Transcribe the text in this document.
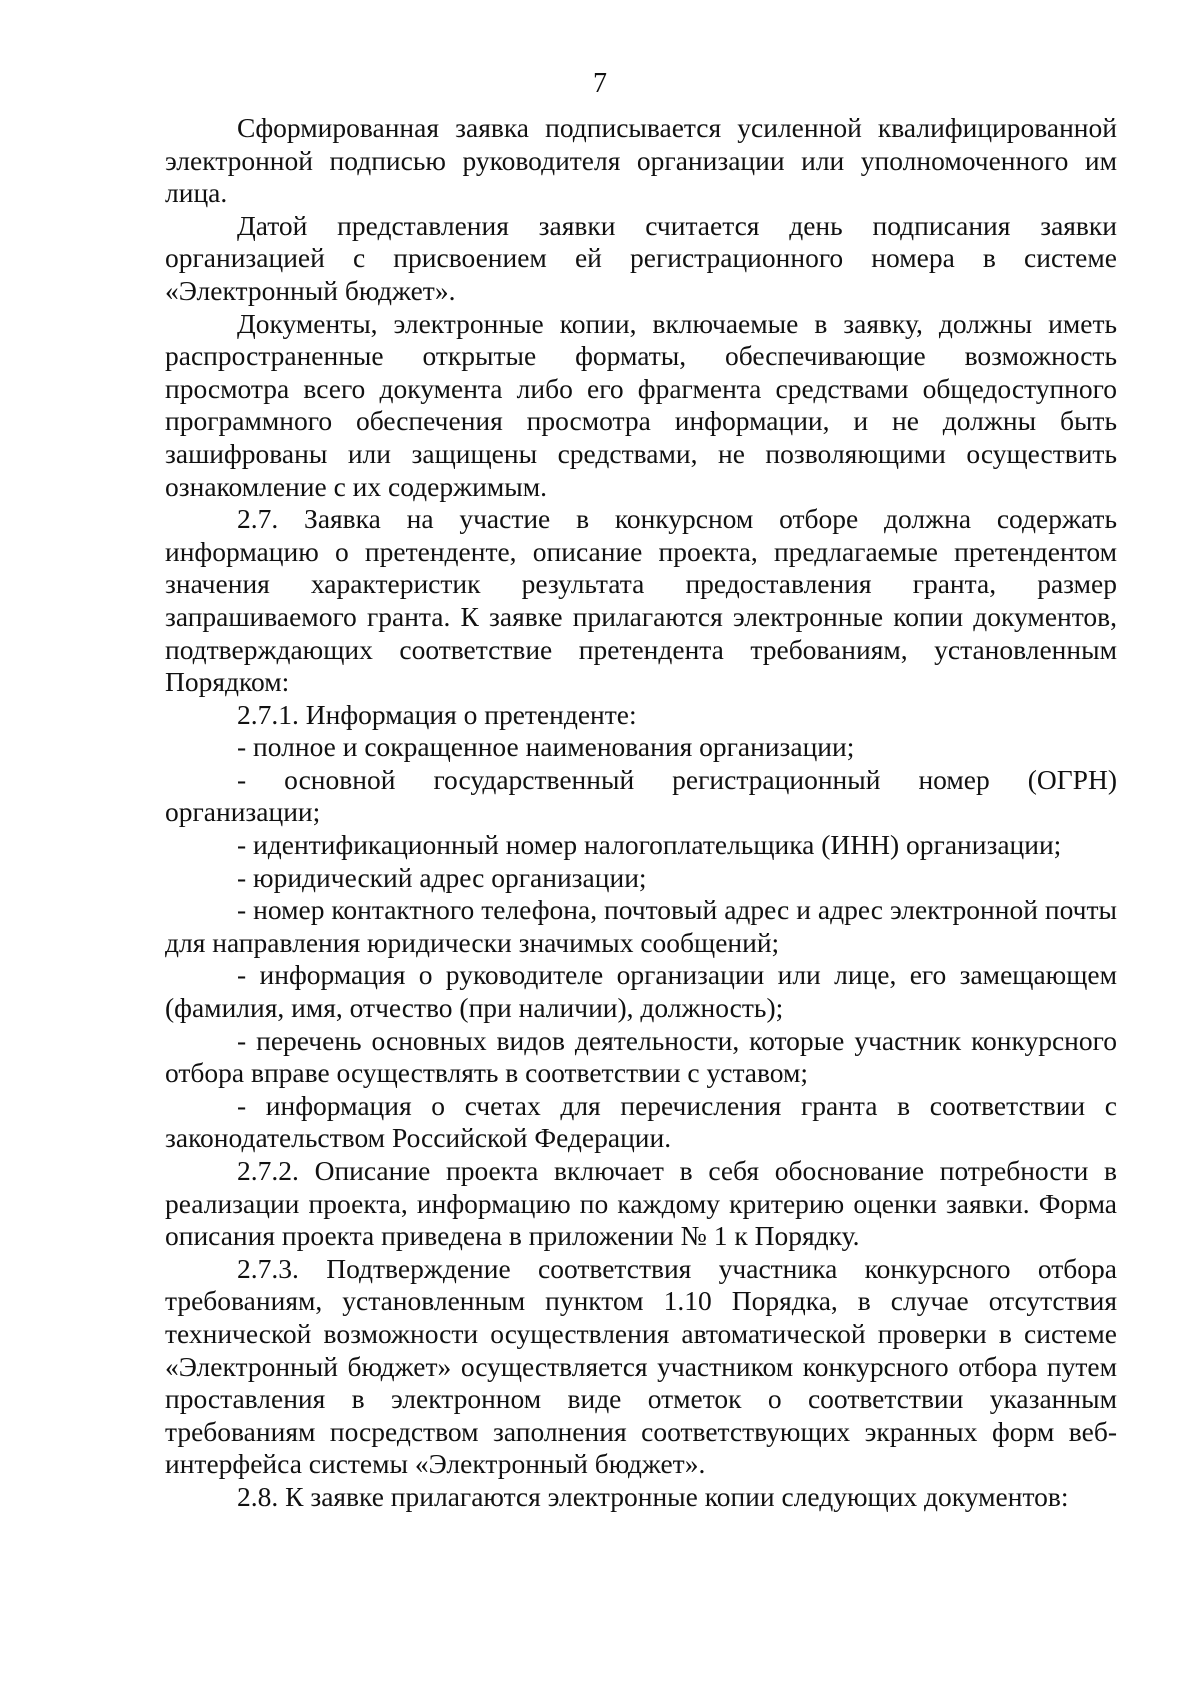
7

Сформированная заявка подписывается усиленной квалифицированной электронной подписью руководителя организации или уполномоченного им лица.

Датой представления заявки считается день подписания заявки организацией с присвоением ей регистрационного номера в системе «Электронный бюджет».

Документы, электронные копии, включаемые в заявку, должны иметь распространенные открытые форматы, обеспечивающие возможность просмотра всего документа либо его фрагмента средствами общедоступного программного обеспечения просмотра информации, и не должны быть зашифрованы или защищены средствами, не позволяющими осуществить ознакомление с их содержимым.

2.7. Заявка на участие в конкурсном отборе должна содержать информацию о претенденте, описание проекта, предлагаемые претендентом значения характеристик результата предоставления гранта, размер запрашиваемого гранта. К заявке прилагаются электронные копии документов, подтверждающих соответствие претендента требованиям, установленным Порядком:

2.7.1. Информация о претенденте:

- полное и сокращенное наименования организации;

- основной государственный регистрационный номер (ОГРН) организации;

- идентификационный номер налогоплательщика (ИНН) организации;

- юридический адрес организации;

- номер контактного телефона, почтовый адрес и адрес электронной почты для направления юридически значимых сообщений;

- информация о руководителе организации или лице, его замещающем (фамилия, имя, отчество (при наличии), должность);

- перечень основных видов деятельности, которые участник конкурсного отбора вправе осуществлять в соответствии с уставом;

- информация о счетах для перечисления гранта в соответствии с законодательством Российской Федерации.

2.7.2. Описание проекта включает в себя обоснование потребности в реализации проекта, информацию по каждому критерию оценки заявки. Форма описания проекта приведена в приложении № 1 к Порядку.

2.7.3. Подтверждение соответствия участника конкурсного отбора требованиям, установленным пунктом 1.10 Порядка, в случае отсутствия технической возможности осуществления автоматической проверки в системе «Электронный бюджет» осуществляется участником конкурсного отбора путем проставления в электронном виде отметок о соответствии указанным требованиям посредством заполнения соответствующих экранных форм веб-интерфейса системы «Электронный бюджет».

2.8. К заявке прилагаются электронные копии следующих документов:
